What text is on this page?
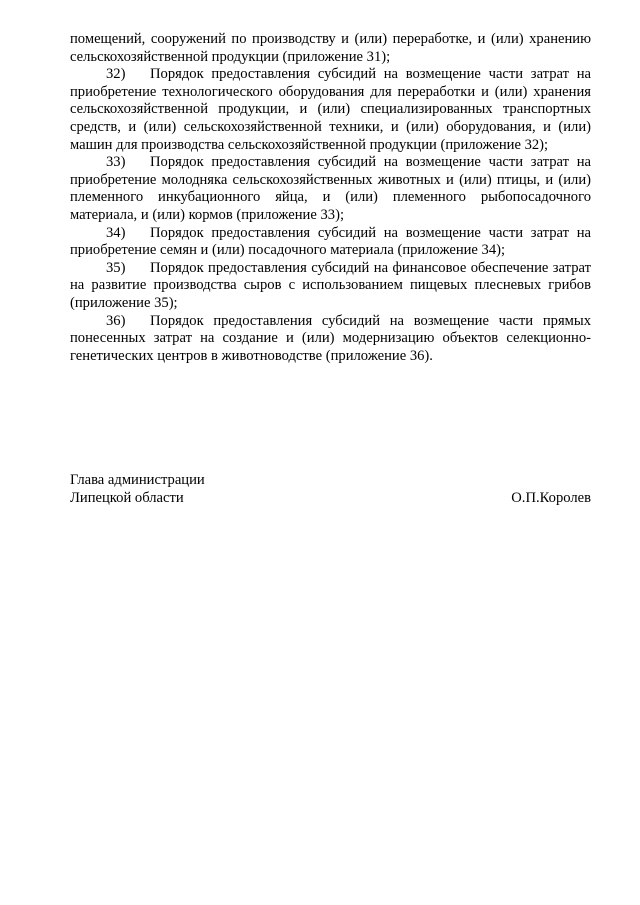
помещений, сооружений по производству и (или) переработке, и (или) хранению сельскохозяйственной продукции (приложение 31);

32) Порядок предоставления субсидий на возмещение части затрат на приобретение технологического оборудования для переработки и (или) хранения сельскохозяйственной продукции, и (или) специализированных транспортных средств, и (или) сельскохозяйственной техники, и (или) оборудования, и (или) машин для производства сельскохозяйственной продукции (приложение 32);

33) Порядок предоставления субсидий на возмещение части затрат на приобретение молодняка сельскохозяйственных животных и (или) птицы, и (или) племенного инкубационного яйца, и (или) племенного рыбопосадочного материала, и (или) кормов (приложение 33);

34) Порядок предоставления субсидий на возмещение части затрат на приобретение семян и (или) посадочного материала (приложение 34);

35) Порядок предоставления субсидий на финансовое обеспечение затрат на развитие производства сыров с использованием пищевых плесневых грибов (приложение 35);

36) Порядок предоставления субсидий на возмещение части прямых понесенных затрат на создание и (или) модернизацию объектов селекционно-генетических центров в животноводстве (приложение 36).

Глава администрации
Липецкой области	О.П.Королев
